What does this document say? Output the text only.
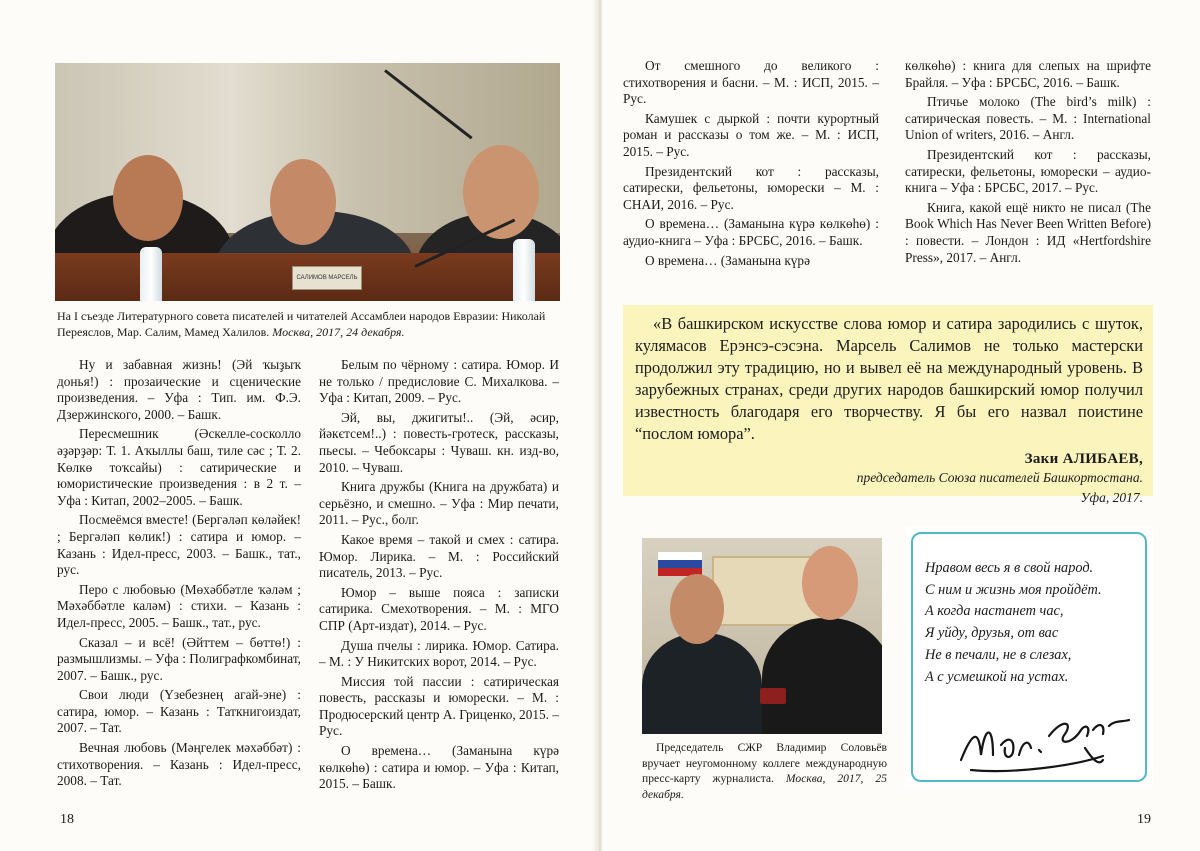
САЛИМОВ МАРСЕЛЬ
На I съезде Литературного совета писателей и читателей Ассамблеи народов Евразии: Николай Переяслов, Мар. Салим, Мамед Халилов. Москва, 2017, 24 декабря.

Ну и забавная жизнь! (Эй ҡыҙыҡ донья!) : прозаические и сценические произведения. – Уфа : Тип. им. Ф.Э. Дзержинского, 2000. – Башк.

Пересмешник (Әскелле-сосколло әҙәрҙәр: Т. 1. Аҡыллы баш, тиле сәс ; Т. 2. Көлкө тоҡсайы) : сатирические и юмористические произведения : в 2 т. – Уфа : Китап, 2002–2005. – Башк.

Посмеёмся вместе! (Бергәләп көләйек! ; Бергәләп көлик!) : сатира и юмор. – Казань : Идел-пресс, 2003. – Башк., тат., рус.

Перо с любовью (Мөхәббәтле ҡәләм ; Мәхәббәтле каләм) : стихи. – Казань : Идел-пресс, 2005. – Башк., тат., рус.

Сказал – и всё! (Әйттем – бөттө!) : размышлизмы. – Уфа : Полиграфкомбинат, 2007. – Башк., рус.

Свои люди (Үзебезнең агай-эне) : сатира, юмор. – Казань : Таткнигоиздат, 2007. – Тат.

Вечная любовь (Мәңгелек мәхәббәт) : стихотворения. – Казань : Идел-пресс, 2008. – Тат.

Белым по чёрному : сатира. Юмор. И не только / предисловие С. Михалкова. – Уфа : Китап, 2009. – Рус.

Эй, вы, джигиты!.. (Эй, әсир, йәкєтсем!..) : повесть-гротеск, рассказы, пьесы. – Чебоксары : Чуваш. кн. изд-во, 2010. – Чуваш.

Книга дружбы (Книга на дружбата) и серьёзно, и смешно. – Уфа : Мир печати, 2011. – Рус., болг.

Какое время – такой и смех : сатира. Юмор. Лирика. – М. : Российский писатель, 2013. – Рус.

Юмор – выше пояса : записки сатирика. Смехотворения. – М. : МГО СПР (Арт-издат), 2014. – Рус.

Душа пчелы : лирика. Юмор. Сатира. – М. : У Никитских ворот, 2014. – Рус.

Миссия той пассии : сатирическая повесть, рассказы и юморески. – М. : Продюсерский центр А. Гриценко, 2015. – Рус.

О времена… (Заманына күрә көлкөһө) : сатира и юмор. – Уфа : Китап, 2015. – Башк.

18

От смешного до великого : стихотворения и басни. – М. : ИСП, 2015. – Рус.

Камушек с дыркой : почти курортный роман и рассказы о том же. – М. : ИСП, 2015. – Рус.

Президентский кот : рассказы, сатирески, фельетоны, юморески – М. : СНАИ, 2016. – Рус.

О времена… (Заманына күрә көлкөһө) : аудио-книга – Уфа : БРСБС, 2016. – Башк.

О времена… (Заманына күрә

көлкөһө) : книга для слепых на шрифте Брайля. – Уфа : БРСБС, 2016. – Башк.

Птичье молоко (The bird’s milk) : сатирическая повесть. – М. : International Union of writers, 2016. – Англ.

Президентский кот : рассказы, сатирески, фельетоны, юморески – аудио-книга – Уфа : БРСБС, 2017. – Рус.

Книга, какой ещё никто не писал (The Book Which Has Never Been Written Before) : повести. – Лондон : ИД «Hertfordshire Press», 2017. – Англ.

«В башкирском искусстве слова юмор и сатира зародились с шуток, кулямасов Ерэнсэ-сэсэна. Марсель Салимов не только мастерски продолжил эту традицию, но и вывел её на международный уровень. В зарубежных странах, среди других народов башкирский юмор получил известность благодаря его творчеству. Я бы его назвал поистине “послом юмора”.
Заки АЛИБАЕВ,
председатель Союза писателей Башкортостана.
Уфа, 2017.
Председатель СЖР Владимир Соловьёв вручает неугомонному коллеге международную пресс-карту журналиста. Москва, 2017, 25 декабря.
Нравом весь я в свой народ.
С ним и жизнь моя пройдёт.
А когда настанет час,
Я уйду, друзья, от вас
Не в печали, не в слезах,
А с усмешкой на устах.
19
